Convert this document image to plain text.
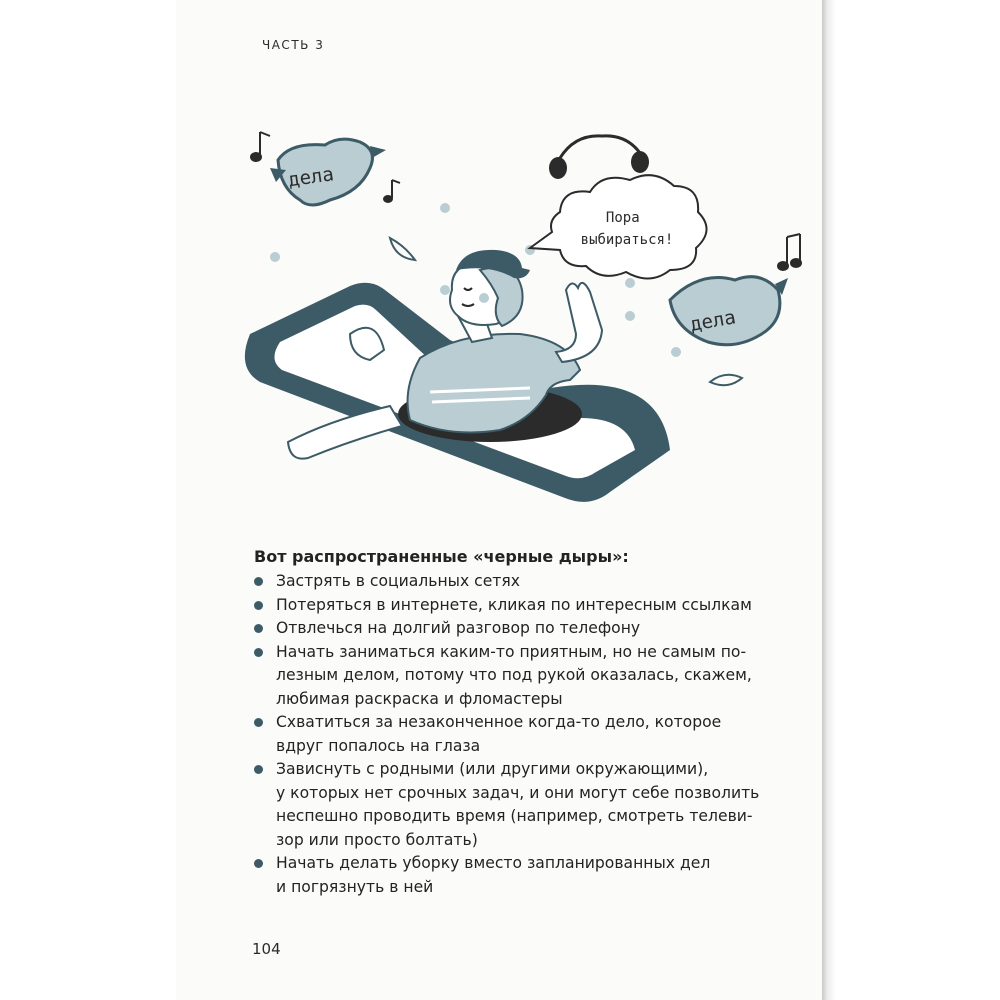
ЧАСТЬ 3
дела
дела
Пора выбираться!

Вот распространенные «черные дыры»:

Застрять в социальных сетях
Потеряться в интернете, кликая по интересным ссылкам
Отвлечься на долгий разговор по телефону
Начать заниматься каким-то приятным, но не самым по-
лезным делом, потому что под рукой оказалась, скажем,
любимая раскраска и фломастеры
Схватиться за незаконченное когда-то дело, которое
вдруг попалось на глаза
Зависнуть с родными (или другими окружающими),
у которых нет срочных задач, и они могут себе позволить
неспешно проводить время (например, смотреть телеви-
зор или просто болтать)
Начать делать уборку вместо запланированных дел
и погрязнуть в ней
104
